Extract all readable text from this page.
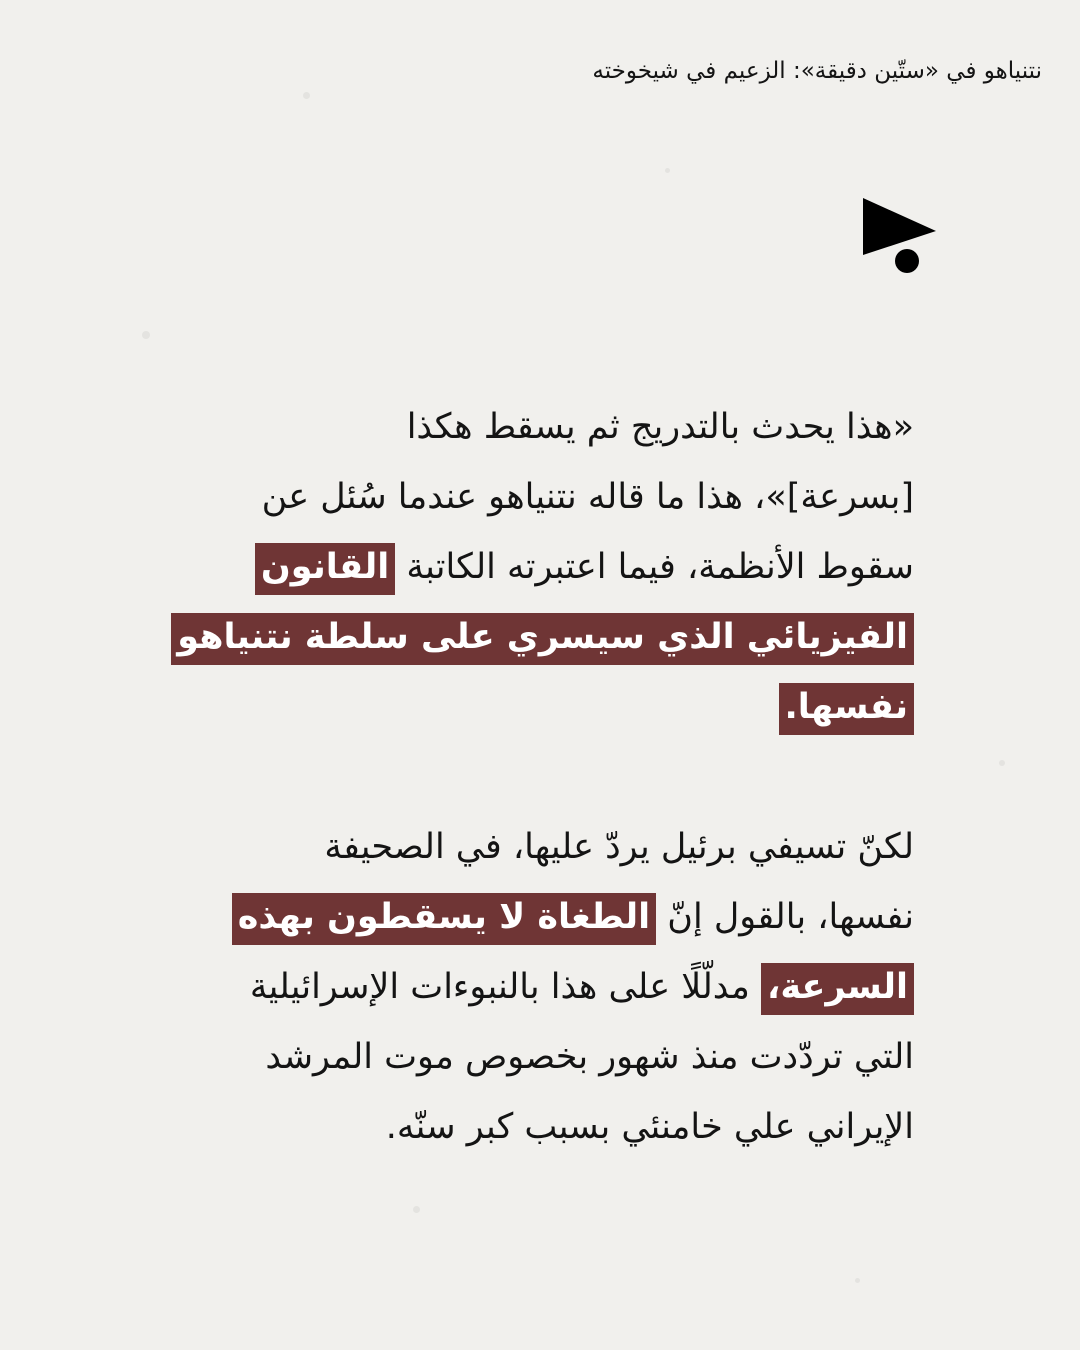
نتنياهو في «ستّين دقيقة»: الزعيم في شيخوخته
«هذا يحدث بالتدريج ثم يسقط هكذا
[بسرعة]»، هذا ما قاله نتنياهو عندما سُئل عن
سقوط الأنظمة، فيما اعتبرته الكاتبة القانون
الفيزيائي الذي سيسري على سلطة نتنياهو
نفسها.
لكنّ تسيفي برئيل يردّ عليها، في الصحيفة
نفسها، بالقول إنّ الطغاة لا يسقطون بهذه
السرعة، مدلّلًا على هذا بالنبوءات الإسرائيلية
التي تردّدت منذ شهور بخصوص موت المرشد
الإيراني علي خامنئي بسبب كبر سنّه.
